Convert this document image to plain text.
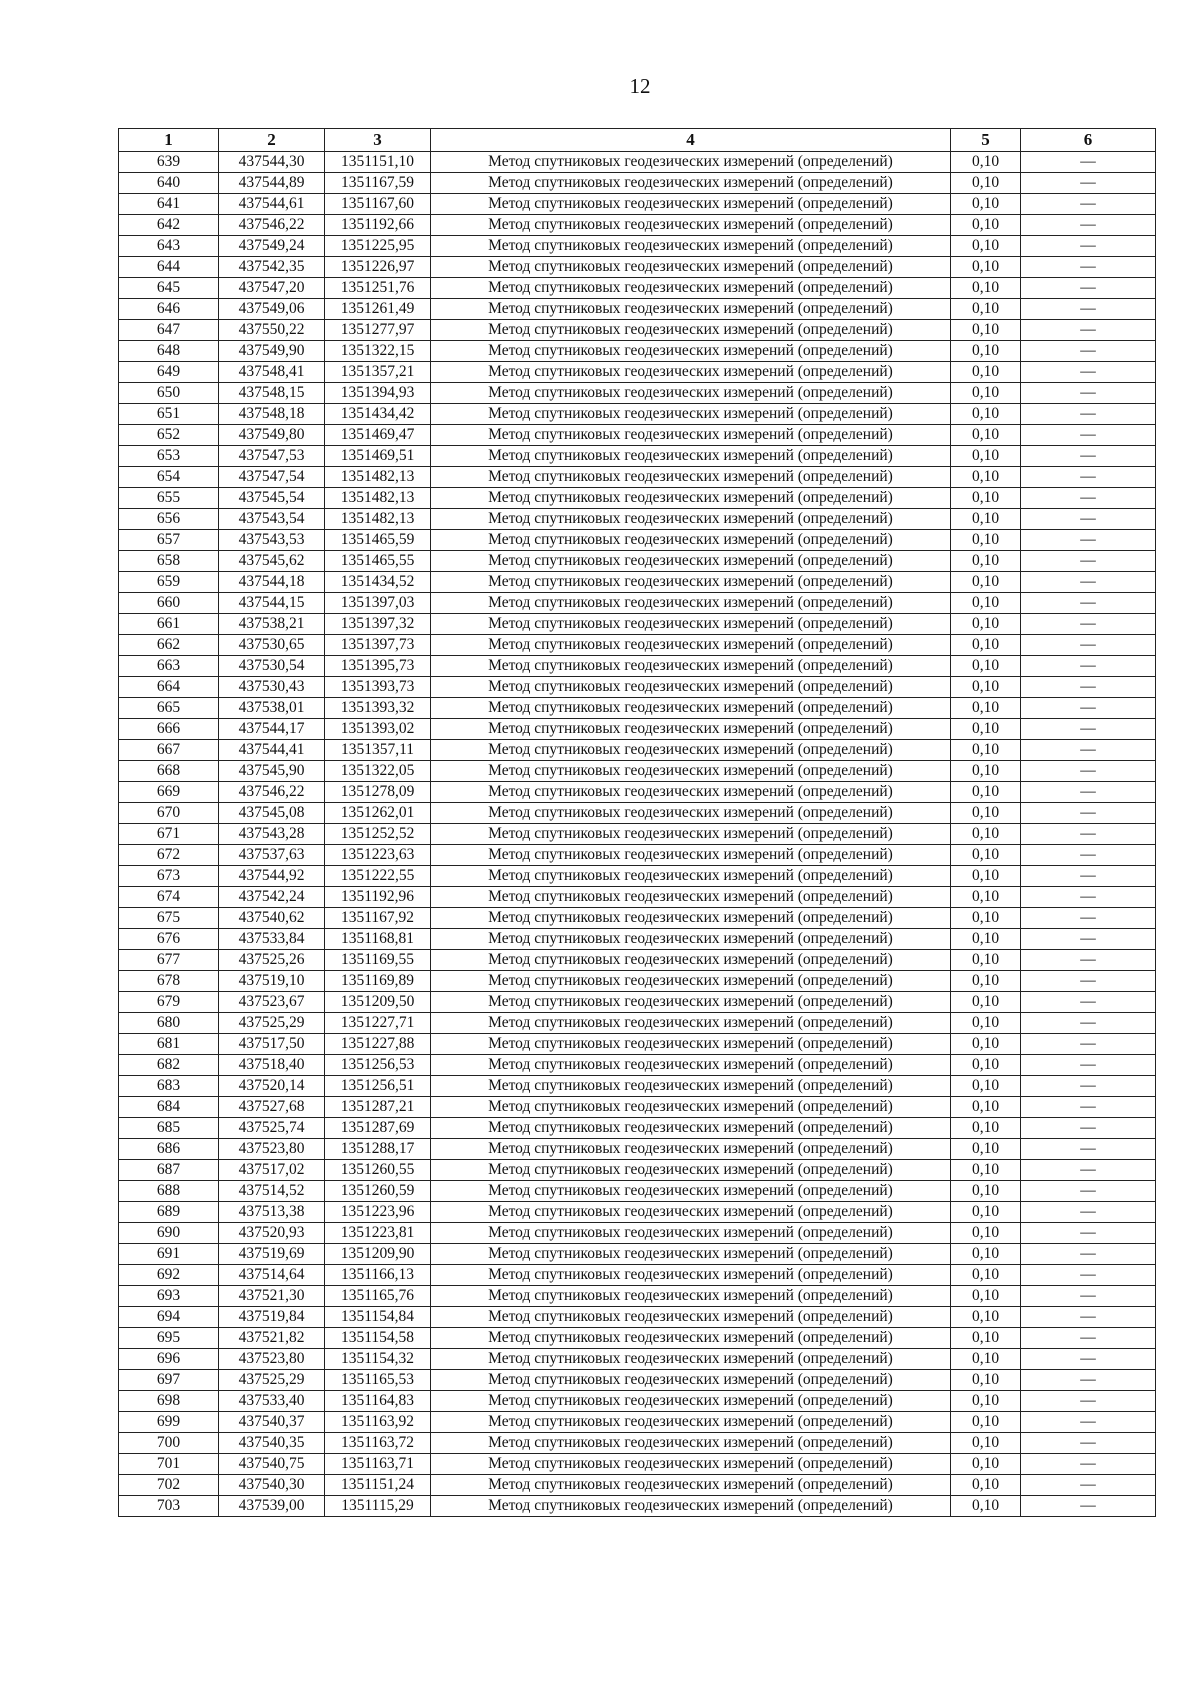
12
1	2	3	4	5	6
639	437544,30	1351151,10	Метод спутниковых геодезических измерений (определений)	0,10	—
640	437544,89	1351167,59	Метод спутниковых геодезических измерений (определений)	0,10	—
641	437544,61	1351167,60	Метод спутниковых геодезических измерений (определений)	0,10	—
642	437546,22	1351192,66	Метод спутниковых геодезических измерений (определений)	0,10	—
643	437549,24	1351225,95	Метод спутниковых геодезических измерений (определений)	0,10	—
644	437542,35	1351226,97	Метод спутниковых геодезических измерений (определений)	0,10	—
645	437547,20	1351251,76	Метод спутниковых геодезических измерений (определений)	0,10	—
646	437549,06	1351261,49	Метод спутниковых геодезических измерений (определений)	0,10	—
647	437550,22	1351277,97	Метод спутниковых геодезических измерений (определений)	0,10	—
648	437549,90	1351322,15	Метод спутниковых геодезических измерений (определений)	0,10	—
649	437548,41	1351357,21	Метод спутниковых геодезических измерений (определений)	0,10	—
650	437548,15	1351394,93	Метод спутниковых геодезических измерений (определений)	0,10	—
651	437548,18	1351434,42	Метод спутниковых геодезических измерений (определений)	0,10	—
652	437549,80	1351469,47	Метод спутниковых геодезических измерений (определений)	0,10	—
653	437547,53	1351469,51	Метод спутниковых геодезических измерений (определений)	0,10	—
654	437547,54	1351482,13	Метод спутниковых геодезических измерений (определений)	0,10	—
655	437545,54	1351482,13	Метод спутниковых геодезических измерений (определений)	0,10	—
656	437543,54	1351482,13	Метод спутниковых геодезических измерений (определений)	0,10	—
657	437543,53	1351465,59	Метод спутниковых геодезических измерений (определений)	0,10	—
658	437545,62	1351465,55	Метод спутниковых геодезических измерений (определений)	0,10	—
659	437544,18	1351434,52	Метод спутниковых геодезических измерений (определений)	0,10	—
660	437544,15	1351397,03	Метод спутниковых геодезических измерений (определений)	0,10	—
661	437538,21	1351397,32	Метод спутниковых геодезических измерений (определений)	0,10	—
662	437530,65	1351397,73	Метод спутниковых геодезических измерений (определений)	0,10	—
663	437530,54	1351395,73	Метод спутниковых геодезических измерений (определений)	0,10	—
664	437530,43	1351393,73	Метод спутниковых геодезических измерений (определений)	0,10	—
665	437538,01	1351393,32	Метод спутниковых геодезических измерений (определений)	0,10	—
666	437544,17	1351393,02	Метод спутниковых геодезических измерений (определений)	0,10	—
667	437544,41	1351357,11	Метод спутниковых геодезических измерений (определений)	0,10	—
668	437545,90	1351322,05	Метод спутниковых геодезических измерений (определений)	0,10	—
669	437546,22	1351278,09	Метод спутниковых геодезических измерений (определений)	0,10	—
670	437545,08	1351262,01	Метод спутниковых геодезических измерений (определений)	0,10	—
671	437543,28	1351252,52	Метод спутниковых геодезических измерений (определений)	0,10	—
672	437537,63	1351223,63	Метод спутниковых геодезических измерений (определений)	0,10	—
673	437544,92	1351222,55	Метод спутниковых геодезических измерений (определений)	0,10	—
674	437542,24	1351192,96	Метод спутниковых геодезических измерений (определений)	0,10	—
675	437540,62	1351167,92	Метод спутниковых геодезических измерений (определений)	0,10	—
676	437533,84	1351168,81	Метод спутниковых геодезических измерений (определений)	0,10	—
677	437525,26	1351169,55	Метод спутниковых геодезических измерений (определений)	0,10	—
678	437519,10	1351169,89	Метод спутниковых геодезических измерений (определений)	0,10	—
679	437523,67	1351209,50	Метод спутниковых геодезических измерений (определений)	0,10	—
680	437525,29	1351227,71	Метод спутниковых геодезических измерений (определений)	0,10	—
681	437517,50	1351227,88	Метод спутниковых геодезических измерений (определений)	0,10	—
682	437518,40	1351256,53	Метод спутниковых геодезических измерений (определений)	0,10	—
683	437520,14	1351256,51	Метод спутниковых геодезических измерений (определений)	0,10	—
684	437527,68	1351287,21	Метод спутниковых геодезических измерений (определений)	0,10	—
685	437525,74	1351287,69	Метод спутниковых геодезических измерений (определений)	0,10	—
686	437523,80	1351288,17	Метод спутниковых геодезических измерений (определений)	0,10	—
687	437517,02	1351260,55	Метод спутниковых геодезических измерений (определений)	0,10	—
688	437514,52	1351260,59	Метод спутниковых геодезических измерений (определений)	0,10	—
689	437513,38	1351223,96	Метод спутниковых геодезических измерений (определений)	0,10	—
690	437520,93	1351223,81	Метод спутниковых геодезических измерений (определений)	0,10	—
691	437519,69	1351209,90	Метод спутниковых геодезических измерений (определений)	0,10	—
692	437514,64	1351166,13	Метод спутниковых геодезических измерений (определений)	0,10	—
693	437521,30	1351165,76	Метод спутниковых геодезических измерений (определений)	0,10	—
694	437519,84	1351154,84	Метод спутниковых геодезических измерений (определений)	0,10	—
695	437521,82	1351154,58	Метод спутниковых геодезических измерений (определений)	0,10	—
696	437523,80	1351154,32	Метод спутниковых геодезических измерений (определений)	0,10	—
697	437525,29	1351165,53	Метод спутниковых геодезических измерений (определений)	0,10	—
698	437533,40	1351164,83	Метод спутниковых геодезических измерений (определений)	0,10	—
699	437540,37	1351163,92	Метод спутниковых геодезических измерений (определений)	0,10	—
700	437540,35	1351163,72	Метод спутниковых геодезических измерений (определений)	0,10	—
701	437540,75	1351163,71	Метод спутниковых геодезических измерений (определений)	0,10	—
702	437540,30	1351151,24	Метод спутниковых геодезических измерений (определений)	0,10	—
703	437539,00	1351115,29	Метод спутниковых геодезических измерений (определений)	0,10	—
